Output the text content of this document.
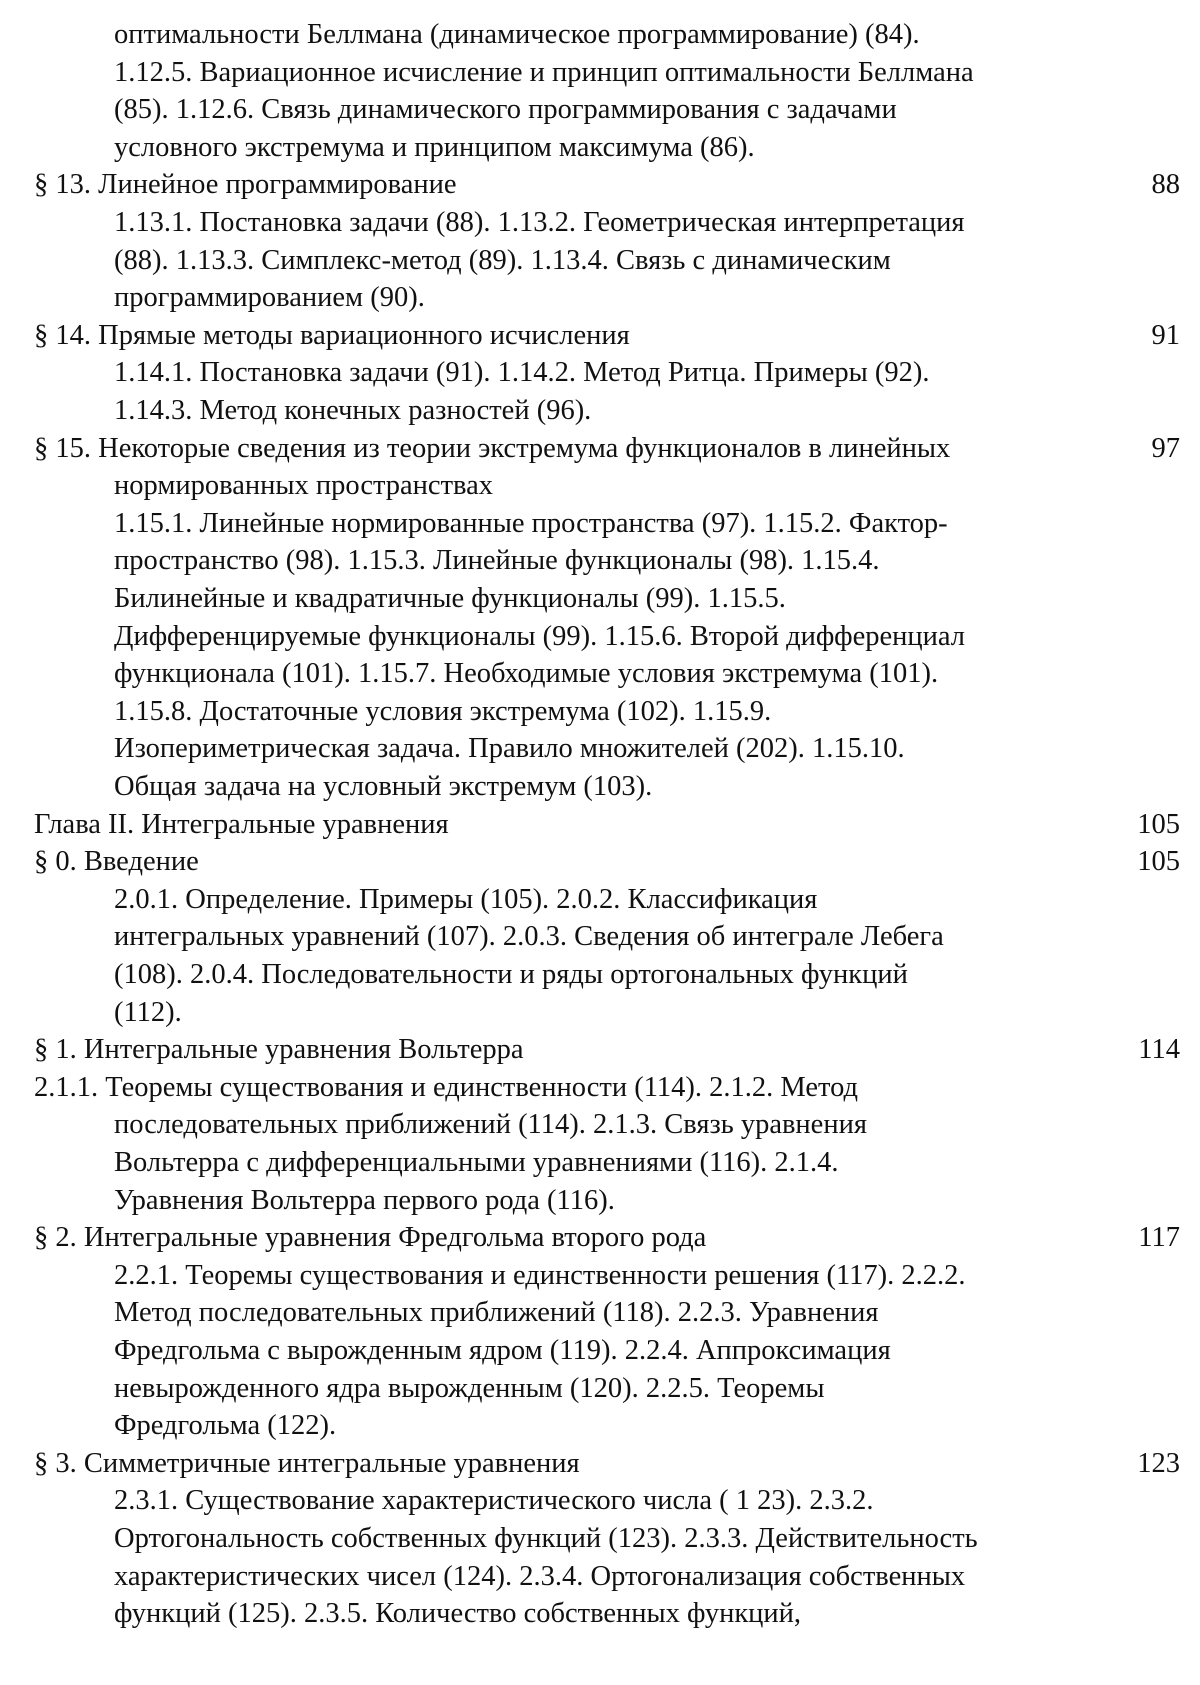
оптимальности Беллмана (динамическое программирование) (84).
1.12.5. Вариационное исчисление и принцип оптимальности Беллмана
(85). 1.12.6. Связь динамического программирования с задачами
условного экстремума и принципом максимума (86).
§ 13. Линейное программирование	88
1.13.1. Постановка задачи (88). 1.13.2. Геометрическая интерпретация
(88). 1.13.3. Симплекс-метод (89). 1.13.4. Связь с динамическим
программированием (90).
§ 14. Прямые методы вариационного исчисления	91
1.14.1. Постановка задачи (91). 1.14.2. Метод Ритца. Примеры (92).
1.14.3. Метод конечных разностей (96).
§ 15. Некоторые сведения из теории экстремума функционалов в линейных	97
нормированных пространствах
1.15.1. Линейные нормированные пространства (97). 1.15.2. Фактор-
пространство (98). 1.15.3. Линейные функционалы (98). 1.15.4.
Билинейные и квадратичные функционалы (99). 1.15.5.
Дифференцируемые функционалы (99). 1.15.6. Второй дифференциал
функционала (101). 1.15.7. Необходимые условия экстремума (101).
1.15.8. Достаточные условия экстремума (102). 1.15.9.
Изопериметрическая задача. Правило множителей (202). 1.15.10.
Общая задача на условный экстремум (103).
Глава II. Интегральные уравнения	105
§ 0. Введение	105
2.0.1. Определение. Примеры (105). 2.0.2. Классификация
интегральных уравнений (107). 2.0.3. Сведения об интеграле Лебега
(108). 2.0.4. Последовательности и ряды ортогональных функций
(112).
§ 1. Интегральные уравнения Вольтерра	114
2.1.1. Теоремы существования и единственности (114). 2.1.2. Метод
последовательных приближений (114). 2.1.3. Связь уравнения
Вольтерра с дифференциальными уравнениями (116). 2.1.4.
Уравнения Вольтерра первого рода (116).
§ 2. Интегральные уравнения Фредгольма второго рода	117
2.2.1. Теоремы существования и единственности решения (117). 2.2.2.
Метод последовательных приближений (118). 2.2.3. Уравнения
Фредгольма с вырожденным ядром (119). 2.2.4. Аппроксимация
невырожденного ядра вырожденным (120). 2.2.5. Теоремы
Фредгольма (122).
§ 3. Симметричные интегральные уравнения	123
2.3.1. Существование характеристического числа ( 1 23). 2.3.2.
Ортогональность собственных функций (123). 2.3.3. Действительность
характеристических чисел (124). 2.3.4. Ортогонализация собственных
функций (125). 2.3.5. Количество собственных функций,
